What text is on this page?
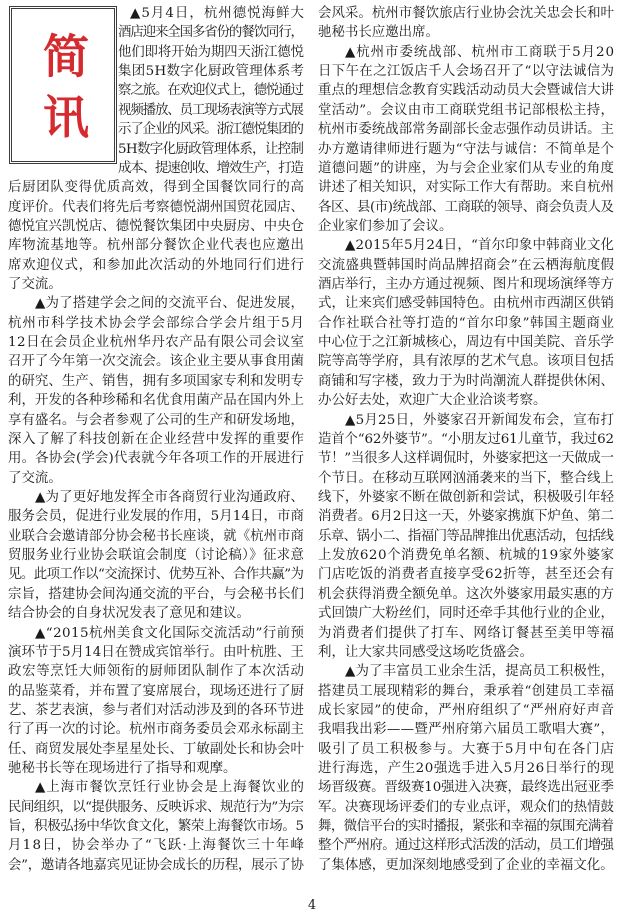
简讯
▲5月4日，杭州德悦海鲜大
酒店迎来全国多省份的餐饮同行，
他们即将开始为期四天浙江德悦
集团5H数字化厨政管理体系考
察之旅。在欢迎仪式上，德悦通过
视频播放、员工现场表演等方式展
示了企业的风采。浙江德悦集团的
5H数字化厨政管理体系，让控制
成本、提速创收、增效生产，打造
后厨团队变得优质高效，得到全国餐饮同行的高
度评价。代表们将先后考察德悦湖州国贸花园店、
德悦宜兴凯悦店、德悦餐饮集团中央厨房、中央仓
库物流基地等。杭州部分餐饮企业代表也应邀出
席欢迎仪式，和参加此次活动的外地同行们进行
了交流。
▲为了搭建学会之间的交流平台、促进发展，
杭州市科学技术协会学会部综合学会片组于5月
12日在会员企业杭州华丹农产品有限公司会议室
召开了今年第一次交流会。该企业主要从事食用菌
的研究、生产、销售，拥有多项国家专利和发明专
利，开发的各种珍稀和名优食用菌产品在国内外上
享有盛名。与会者参观了公司的生产和研发场地，
深入了解了科技创新在企业经营中发挥的重要作
用。各协会(学会)代表就今年各项工作的开展进行
了交流。
▲为了更好地发挥全市各商贸行业沟通政府、
服务会员，促进行业发展的作用，5月14日，市商
业联合会邀请部分协会秘书长座谈，就《杭州市商
贸服务业行业协会联谊会制度（讨论稿）》征求意
见。此项工作以“交流探讨、优势互补、合作共赢”为
宗旨，搭建协会间沟通交流的平台，与会秘书长们
结合协会的自身状况发表了意见和建议。
▲“2015杭州美食文化国际交流活动”行前预
演环节于5月14日在赞成宾馆举行。由叶杭胜、王
政宏等烹饪大师领衔的厨师团队制作了本次活动
的品鉴菜肴，并布置了宴席展台，现场还进行了厨
艺、茶艺表演，参与者们对活动涉及到的各环节进
行了再一次的讨论。杭州市商务委员会邓永标副主
任、商贸发展处李星星处长、丁敏副处长和协会叶
驰秘书长等在现场进行了指导和观摩。
▲上海市餐饮烹饪行业协会是上海餐饮业的
民间组织，以“提供服务、反映诉求、规范行为”为宗
旨，积极弘扬中华饮食文化，繁荣上海餐饮市场。5
月18日，协会举办了“飞跃·上海餐饮三十年峰
会”，邀请各地嘉宾见证协会成长的历程，展示了协
会风采。杭州市餐饮旅店行业协会沈关忠会长和叶
驰秘书长应邀出席。
▲杭州市委统战部、杭州市工商联于5月20
日下午在之江饭店千人会场召开了“以守法诚信为
重点的理想信念教育实践活动动员大会暨诚信大讲
堂活动”。会议由市工商联党组书记部根松主持，
杭州市委统战部常务副部长金志强作动员讲话。主
办方邀请律师进行题为“守法与诚信：不简单是个
道德问题”的讲座，为与会企业家们从专业的角度
讲述了相关知识，对实际工作大有帮助。来自杭州
各区、县(市)统战部、工商联的领导、商会负责人及
企业家们参加了会议。
▲2015年5月24日，“首尔印象中韩商业文化
交流盛典暨韩国时尚品牌招商会”在云栖海航度假
酒店举行，主办方通过视频、图片和现场演绎等方
式，让来宾们感受韩国特色。由杭州市西湖区供销
合作社联合社等打造的“首尔印象”韩国主题商业
中心位于之江新城核心，周边有中国美院、音乐学
院等高等学府，具有浓厚的艺术气息。该项目包括
商铺和写字楼，致力于为时尚潮流人群提供休闲、
办公好去处，欢迎广大企业洽谈考察。
▲5月25日，外婆家召开新闻发布会，宣布打
造首个“62外婆节”。“小朋友过61儿童节，我过62
节！”当很多人这样调侃时，外婆家把这一天做成一
个节日。在移动互联网汹涌袭来的当下，整合线上
线下，外婆家不断在做创新和尝试，积极吸引年轻
消费者。6月2日这一天，外婆家携旗下炉鱼、第二
乐章、锅小二、指福门等品牌推出优惠活动，包括线
上发放620个消费免单名额、杭城的19家外婆家
门店吃饭的消费者直接享受62折等，甚至还会有
机会获得消费全额免单。这次外婆家用最实惠的方
式回馈广大粉丝们，同时还牵手其他行业的企业，
为消费者们提供了打车、网络订餐甚至美甲等福
利，让大家共同感受这场吃货盛会。
▲为了丰富员工业余生活，提高员工积极性，
搭建员工展现精彩的舞台，秉承着“创建员工幸福
成长家园”的使命，严州府组织了“严州府好声音
我唱我出彩——暨严州府第六届员工歌唱大赛”，
吸引了员工积极参与。大赛于5月中旬在各门店
进行海选，产生20强选手进入5月26日举行的现
场晋级赛。晋级赛10强进入决赛，最终选出冠亚季
军。决赛现场评委们的专业点评，观众们的热情鼓
舞，微信平台的实时播报，紧张和幸福的氛围充满着
整个严州府。通过这样形式活泼的活动，员工们增强
了集体感，更加深刻地感受到了企业的幸福文化。
4
